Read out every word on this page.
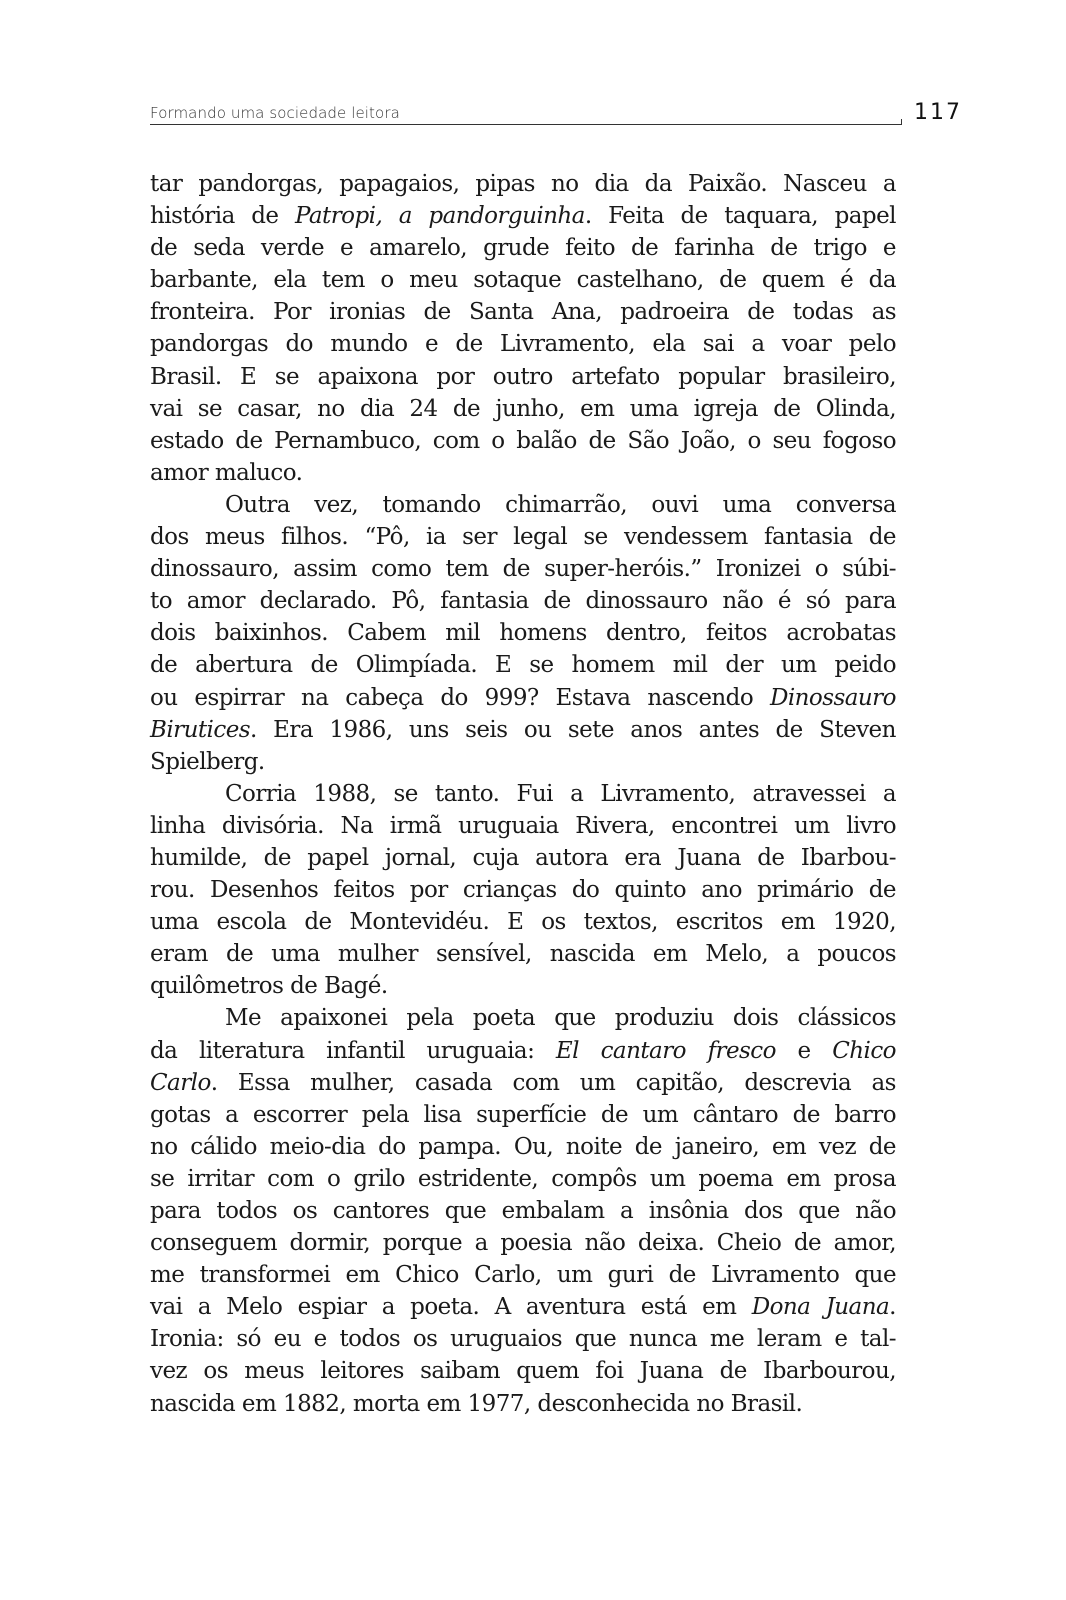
Formando uma sociedade leitora	117
tar pandorgas, papagaios, pipas no dia da Paixão. Nasceu a
história de Patropi, a pandorguinha. Feita de taquara, papel
de seda verde e amarelo, grude feito de farinha de trigo e
barbante, ela tem o meu sotaque castelhano, de quem é da
fronteira. Por ironias de Santa Ana, padroeira de todas as
pandorgas do mundo e de Livramento, ela sai a voar pelo
Brasil. E se apaixona por outro artefato popular brasileiro,
vai se casar, no dia 24 de junho, em uma igreja de Olinda,
estado de Pernambuco, com o balão de São João, o seu fogoso
amor maluco.
Outra vez, tomando chimarrão, ouvi uma conversa
dos meus filhos. “Pô, ia ser legal se vendessem fantasia de
dinossauro, assim como tem de super-heróis.” Ironizei o súbi-
to amor declarado. Pô, fantasia de dinossauro não é só para
dois baixinhos. Cabem mil homens dentro, feitos acrobatas
de abertura de Olimpíada. E se homem mil der um peido
ou espirrar na cabeça do 999? Estava nascendo Dinossauro
Birutices. Era 1986, uns seis ou sete anos antes de Steven
Spielberg.
Corria 1988, se tanto. Fui a Livramento, atravessei a
linha divisória. Na irmã uruguaia Rivera, encontrei um livro
humilde, de papel jornal, cuja autora era Juana de Ibarbou-
rou. Desenhos feitos por crianças do quinto ano primário de
uma escola de Montevidéu. E os textos, escritos em 1920,
eram de uma mulher sensível, nascida em Melo, a poucos
quilômetros de Bagé.
Me apaixonei pela poeta que produziu dois clássicos
da literatura infantil uruguaia: El cantaro fresco e Chico
Carlo. Essa mulher, casada com um capitão, descrevia as
gotas a escorrer pela lisa superfície de um cântaro de barro
no cálido meio-dia do pampa. Ou, noite de janeiro, em vez de
se irritar com o grilo estridente, compôs um poema em prosa
para todos os cantores que embalam a insônia dos que não
conseguem dormir, porque a poesia não deixa. Cheio de amor,
me transformei em Chico Carlo, um guri de Livramento que
vai a Melo espiar a poeta. A aventura está em Dona Juana.
Ironia: só eu e todos os uruguaios que nunca me leram e tal-
vez os meus leitores saibam quem foi Juana de Ibarbourou,
nascida em 1882, morta em 1977, desconhecida no Brasil.
